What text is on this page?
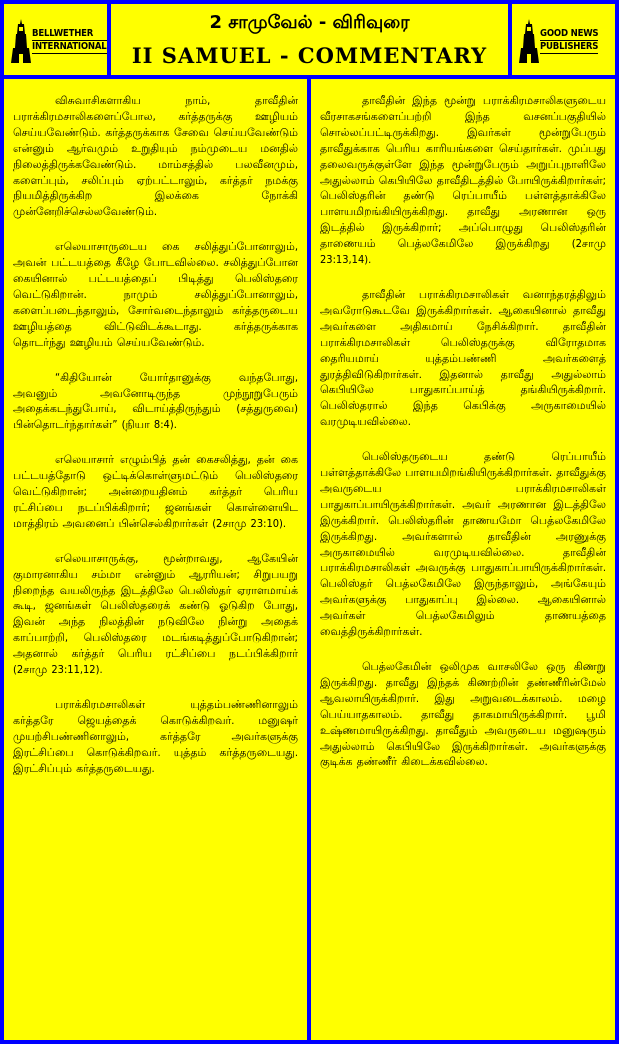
BELLWETHER
INTERNATIONAL
2 சாமுவேல் - விரிவுரை
II SAMUEL - COMMENTARY
GOOD NEWS
PUBLISHERS

விசுவாசிகளாகிய நாம், தாவீதின் பராக்கிரமசாலிகளைப்போல, கர்த்தருக்கு ஊழியம் செய்யவேண்டும். கர்த்தருக்காக சேவை செய்யவேண்டும் என்னும் ஆர்வமும் உறுதியும் நம்முடைய மனதில் நிலைத்திருக்கவேண்டும். மாம்சத்தில் பலவீனமும், களைப்பும், சலிப்பும் ஏற்பட்டாலும், கர்த்தர் நமக்கு நியமித்திருக்கிற இலக்கை நோக்கி முன்னேறிச்செல்லவேண்டும்.

எலெயாசாருடைய கை சலித்துப்போனாலும், அவன் பட்டயத்தை கீழே போடவில்லை. சலித்துப்போன கையினால் பட்டயத்தைப் பிடித்து பெலிஸ்தரை வெட்டுகிறான். நாமும் சலித்துப்போனாலும், களைப்படைந்தாலும், சோர்வடைந்தாலும் கர்த்தருடைய ஊழியத்தை விட்டுவிடக்கூடாது. கர்த்தருக்காக தொடர்ந்து ஊழியம் செய்யவேண்டும்.

“கிதியோன் யோர்தானுக்கு வந்தபோது, அவனும் அவனோடிருந்த முந்நூறுபேரும் அதைக்கடந்துபோய், விடாய்த்திருந்தும் (சத்துருவை) பின்தொடர்ந்தார்கள்” (நியா 8:4).

எலெயாசார் எழும்பித் தன் கைசலித்து, தன் கை பட்டயத்தோடு ஒட்டிக்கொள்ளுமட்டும் பெலிஸ்தரை வெட்டுகிறான்; அன்றையதினம் கர்த்தர் பெரிய ரட்சிப்பை நடப்பிக்கிறார்; ஜனங்கள் கொள்ளையிட மாத்திரம் அவனைப் பின்செல்கிறார்கள் (2சாமு 23:10).

எலெயாசாருக்கு, மூன்றாவது, ஆகேயின் குமாரனாகிய சம்மா என்னும் ஆரரியன்; சிறுபயறு நிறைந்த வயலிருந்த இடத்திலே பெலிஸ்தர் ஏராளமாய்க் கூடி, ஜனங்கள் பெலிஸ்தரைக் கண்டு ஓடுகிற போது, இவன் அந்த நிலத்தின் நடுவிலே நின்று அதைக் காப்பாற்றி, பெலிஸ்தரை மடங்கடித்துப்போடுகிறான்; அதனால் கர்த்தர் பெரிய ரட்சிப்பை நடப்பிக்கிறார் (2சாமு 23:11,12).

பராக்கிரமசாலிகள் யுத்தம்பண்ணினாலும் கர்த்தரே ஜெயத்தைக் கொடுக்கிறவர். மனுஷர் முயற்சிபண்ணினாலும், கர்த்தரே அவர்களுக்கு இரட்சிப்பை கொடுக்கிறவர். யுத்தம் கர்த்தருடையது. இரட்சிப்பும் கர்த்தருடையது.

தாவீதின் இந்த மூன்று பராக்கிரமசாலிகளுடைய வீரசாகசங்களைப்பற்றி இந்த வசனப்பகுதியில் சொல்லப்பட்டிருக்கிறது. இவர்கள் மூன்றுபேரும் தாவீதுக்காக பெரிய காரியங்களை செய்தார்கள். முப்பது தலைவருக்குள்ளே இந்த மூன்றுபேரும் அறுப்புநாளிலே அதுல்லாம் கெபியிலே தாவீதிடத்தில் போயிருக்கிறார்கள்; பெலிஸ்தரின் தண்டு ரெப்பாயீம் பள்ளத்தாக்கிலே பாளயமிறங்கியிருக்கிறது. தாவீது அரணான ஒரு இடத்தில் இருக்கிறார்; அப்பொழுது பெலிஸ்தரின் தாணையம் பெத்லகேமிலே இருக்கிறது (2சாமு 23:13,14).

தாவீதின் பராக்கிரமசாலிகள் வனாந்தரத்திலும் அவரோடுகூடவே இருக்கிறார்கள். ஆகையினால் தாவீது அவர்களை அதிகமாய் நேசிக்கிறார். தாவீதின் பராக்கிரமசாலிகள் பெலிஸ்தருக்கு விரோதமாக தைரியமாய் யுத்தம்பண்ணி அவர்களைத் துரத்திவிடுகிறார்கள். இதனால் தாவீது அதுல்லாம் கெபியிலே பாதுகாப்பாய்த் தங்கியிருக்கிறார். பெலிஸ்தரால் இந்த கெபிக்கு அருகாமையில் வரமுடியவில்லை.

பெலிஸ்தருடைய தண்டு ரெப்பாயீம் பள்ளத்தாக்கிலே பாளயமிறங்கியிருக்கிறார்கள். தாவீதுக்கு அவருடைய பராக்கிரமசாலிகள் பாதுகாப்பாயிருக்கிறார்கள். அவர் அரணான இடத்திலே இருக்கிறார். பெலிஸ்தரின் தாணயமோ பெத்லகேமிலே இருக்கிறது. அவர்களால் தாவீதின் அரணுக்கு அருகாமையில் வரமுடியவில்லை. தாவீதின் பராக்கிரமசாலிகள் அவருக்கு பாதுகாப்பாயிருக்கிறார்கள். பெலிஸ்தர் பெத்லகேமிலே இருந்தாலும், அங்கேயும் அவர்களுக்கு பாதுகாப்பு இல்லை. ஆகையினால் அவர்கள் பெத்லகேமிலும் தாணயத்தை வைத்திருக்கிறார்கள்.

பெத்லகேமின் ஒலிமுக வாசலிலே ஒரு கிணறு இருக்கிறது. தாவீது இந்தக் கிணற்றின் தண்ணீரின்மேல் ஆவலாயிருக்கிறார். இது அறுவடைக்காலம். மழை பெய்யாதகாலம். தாவீது தாகமாயிருக்கிறார். பூமி உஷ்ணமாயிருக்கிறது. தாவீதும் அவருடைய மனுஷரும் அதுல்லாம் கெபியிலே இருக்கிறார்கள். அவர்களுக்கு குடிக்க தண்ணீர் கிடைக்கவில்லை.
